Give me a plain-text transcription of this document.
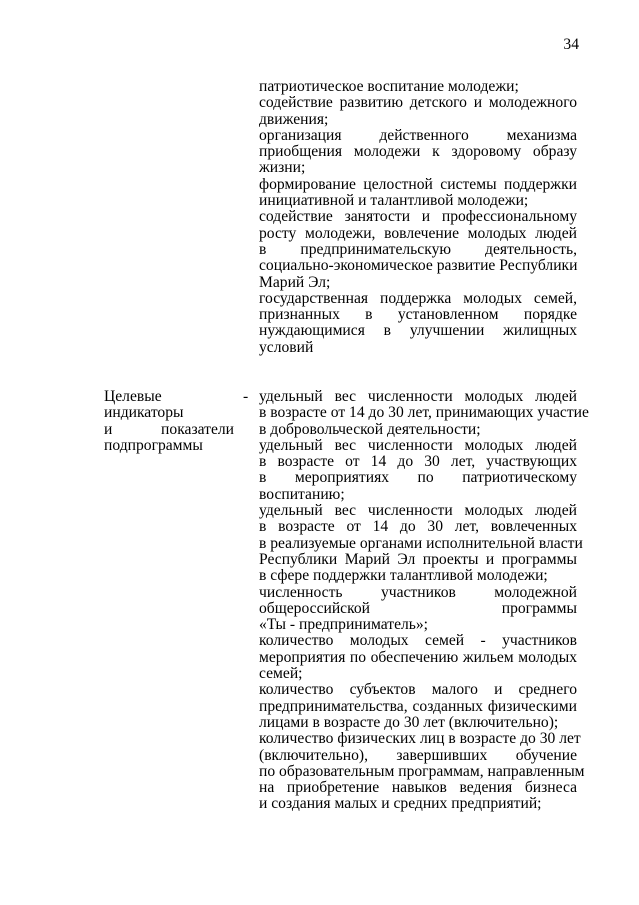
34
патриотическое воспитание молодежи;
содействие развитию детского и молодежного
движения;
организация действенного механизма
приобщения молодежи к здоровому образу
жизни;
формирование целостной системы поддержки
инициативной и талантливой молодежи;
содействие занятости и профессиональному
росту молодежи, вовлечение молодых людей
в предпринимательскую деятельность,
социально-экономическое развитие Республики
Марий Эл;
государственная поддержка молодых семей,
признанных в установленном порядке
нуждающимися в улучшении жилищных
условий
Целевые
индикаторы
и показатели
подпрограммы
- удельный вес численности молодых людей
в возрасте от 14 до 30 лет, принимающих участие
в добровольческой деятельности;
удельный вес численности молодых людей
в возрасте от 14 до 30 лет, участвующих
в мероприятиях по патриотическому
воспитанию;
удельный вес численности молодых людей
в возрасте от 14 до 30 лет, вовлеченных
в реализуемые органами исполнительной власти
Республики Марий Эл проекты и программы
в сфере поддержки талантливой молодежи;
численность участников молодежной
общероссийской программы
«Ты - предприниматель»;
количество молодых семей - участников
мероприятия по обеспечению жильем молодых
семей;
количество субъектов малого и среднего
предпринимательства, созданных физическими
лицами в возрасте до 30 лет (включительно);
количество физических лиц в возрасте до 30 лет
(включительно), завершивших обучение
по образовательным программам, направленным
на приобретение навыков ведения бизнеса
и создания малых и средних предприятий;
